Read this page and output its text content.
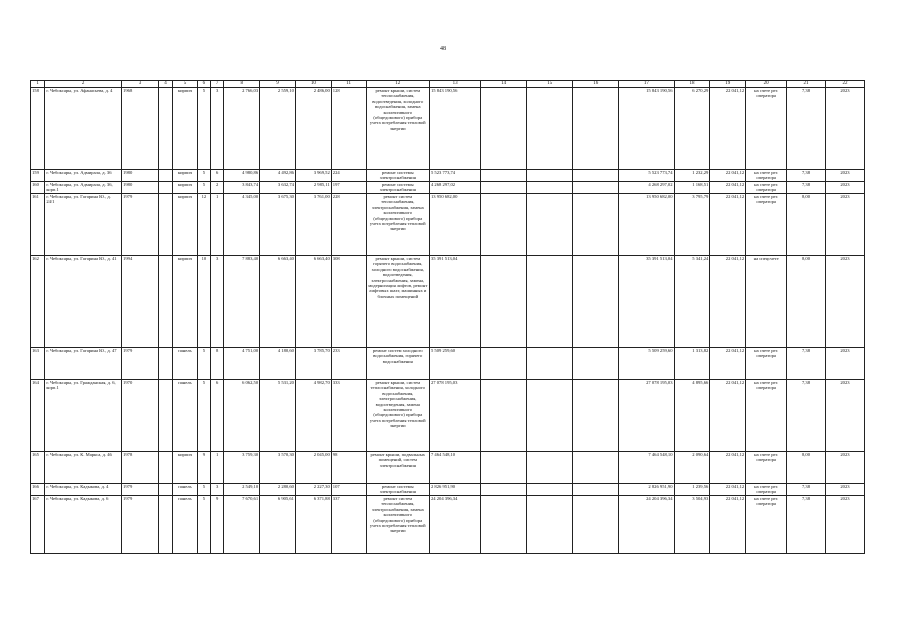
48
1	2	3	4	5	6	7	8	9	10	11	12	13	14	15	16	17	18	19	20	21	22
158	г. Чебоксары, ул. Афанасьева, д. 4	1968		кирпич	5	3	2 766,03	2 559,10	2 486,00	128	ремонт крыши, систем теплоснабжения, водоотведения, холодного водоснабжения, замена коллективного (общедомового) прибора учета потребления тепловой энергии	15 843 190,56				15 843 190,56	6 270,29	22 041,12	на счете рег. оператора	7,38	2023
159	г. Чебоксары, ул. Адмирала, д. 36	1980		кирпич	5	6	4 980,86	4 492,86	3 969,52	224	ремонт системы электроснабжения	5 523 773,74				5 523 773,74	1 232,29	22 041,12	на счете рег. оператора	7,38	2023
160	г. Чебоксары, ул. Адмирала, д. 36, корп.1	1980		кирпич	5	2	3 843,74	3 632,74	2 985,11	197	ремонт системы электроснабжения	4 268 297,02				4 268 297,02	1 168,51	22 041,12	на счете рег. оператора	7,38	2023
161	г. Чебоксары, ул. Гагарина Ю., д. 24/1	1979		кирпич	12	1	4 345,00	3 675,30	3 761,00	228	ремонт систем теплоснабжения, электроснабжения, замена коллективного (общедомового) прибора учета потребления тепловой энергии	13 950 682,00				13 950 682,00	3 795,79	22 041,12	на счете рег. оператора	8,00	2023
162	г. Чебоксары, ул. Гагарина Ю., д. 41	1994		кирпич	10	3	7 883,40	6 663,40	6 663,40	308	ремонт крыши, систем горячего водоснабжения, холодного водоснабжения, водоотведения, электроснабжения, замена, модернизация лифтов, ремонт лифтовых шахт, машинных и блочных помещений	35 391 513,04				35 391 513,04	5 341,24	22 041,12	на спецсчете	8,00	2023
163	г. Чебоксары, ул. Гагарина Ю., д. 47	1979		панель	5	8	4 751,00	4 180,60	3 785,70	233	ремонт систем холодного водоснабжения, горячего водоснабжения	5 509 259,60				5 509 259,60	1 313,82	22 041,12	на счете рег. оператора	7,38	2023
164	г. Чебоксары, ул. Гражданская, д. 6, корп.1	1970		панель	5	6	6 062,50	5 531,20	4 982,70	333	ремонт крыши, систем теплоснабжения, холодного водоснабжения, электроснабжения, водоотведения, замена коллективного (общедомового) прибора учета потребления тепловой энергии	27 078 195,03				27 078 195,03	4 895,66	22 041,12	на счете рег. оператора	7,38	2023
165	г. Чебоксары, ул. К. Маркса, д. 46	1978		кирпич	9	1	3 759,30	3 570,30	2 045,00	98	ремонт крыши, подвальных помещений, систем электроснабжения	7 464 548,10				7 464 548,10	2 090,64	22 041,12	на счете рег. оператора	8,00	2023
166	г. Чебоксары, ул. Кадыкова, д. 4	1979		панель	5	3	2 549,10	2 280,60	2 227,30	107	ремонт системы электроснабжения	2 826 951,90				2 826 951,90	1 239,56	22 041,12	на счете рег. оператора	7,38	2023
167	г. Чебоксары, ул. Кадыкова, д. 6	1979		панель	5	9	7 670,61	6 905,61	6 371,88	337	ремонт систем теплоснабжения, электроснабжения, замена коллективного (общедомового) прибора учета потребления тепловой энергии	24 204 396,34				24 204 396,34	3 504,93	22 041,12	на счете рег. оператора	7,38	2023
